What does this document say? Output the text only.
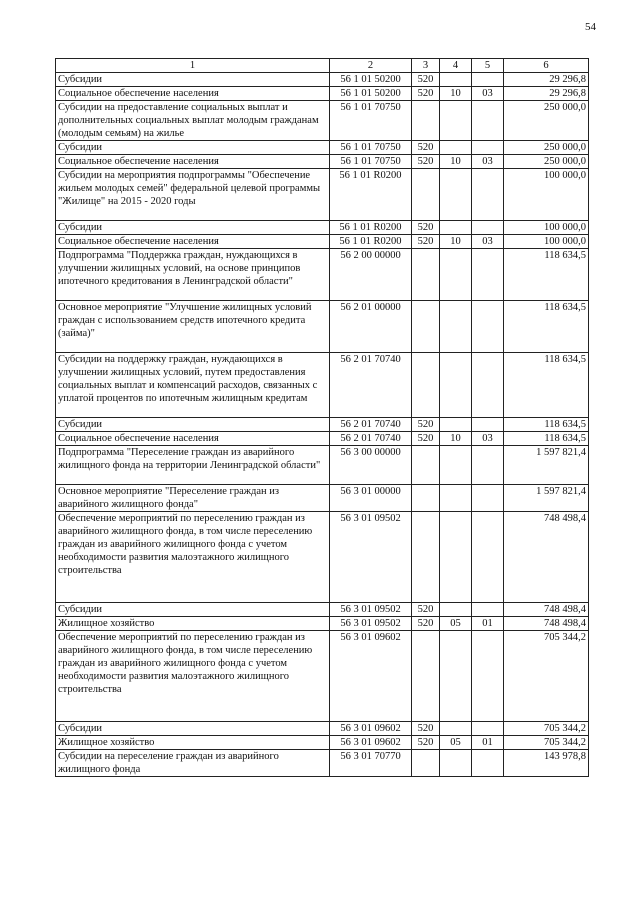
54
1	2	3	4	5	6
Субсидии	56 1 01 50200	520			29 296,8
Социальное обеспечение населения	56 1 01 50200	520	10	03	29 296,8
Субсидии на предоставление социальных выплат и дополнительных социальных выплат молодым гражданам (молодым семьям) на жилье	56 1 01 70750				250 000,0
Субсидии	56 1 01 70750	520			250 000,0
Социальное обеспечение населения	56 1 01 70750	520	10	03	250 000,0
Субсидии на мероприятия подпрограммы "Обеспечение жильем молодых семей" федеральной целевой программы "Жилище" на 2015 - 2020 годы	56 1 01 R0200				100 000,0
Субсидии	56 1 01 R0200	520			100 000,0
Социальное обеспечение населения	56 1 01 R0200	520	10	03	100 000,0
Подпрограмма "Поддержка граждан, нуждающихся в улучшении жилищных условий, на основе принципов ипотечного кредитования в Ленинградской области"	56 2 00 00000				118 634,5
Основное мероприятие "Улучшение жилищных условий граждан с использованием средств ипотечного кредита (займа)"	56 2 01 00000				118 634,5
Субсидии на поддержку граждан, нуждающихся в улучшении жилищных условий, путем предоставления социальных выплат и компенсаций расходов, связанных с уплатой процентов по ипотечным жилищным кредитам	56 2 01 70740				118 634,5
Субсидии	56 2 01 70740	520			118 634,5
Социальное обеспечение населения	56 2 01 70740	520	10	03	118 634,5
Подпрограмма "Переселение граждан из аварийного жилищного фонда на территории Ленинградской области"	56 3 00 00000				1 597 821,4
Основное мероприятие "Переселение граждан из аварийного жилищного фонда"	56 3 01 00000				1 597 821,4
Обеспечение мероприятий по переселению граждан из аварийного жилищного фонда, в том числе переселению граждан из аварийного жилищного фонда с учетом необходимости развития малоэтажного жилищного строительства	56 3 01 09502				748 498,4
Субсидии	56 3 01 09502	520			748 498,4
Жилищное хозяйство	56 3 01 09502	520	05	01	748 498,4
Обеспечение мероприятий по переселению граждан из аварийного жилищного фонда, в том числе переселению граждан из аварийного жилищного фонда с учетом необходимости развития малоэтажного жилищного строительства	56 3 01 09602				705 344,2
Субсидии	56 3 01 09602	520			705 344,2
Жилищное хозяйство	56 3 01 09602	520	05	01	705 344,2
Субсидии на переселение граждан из аварийного жилищного фонда	56 3 01 70770				143 978,8
